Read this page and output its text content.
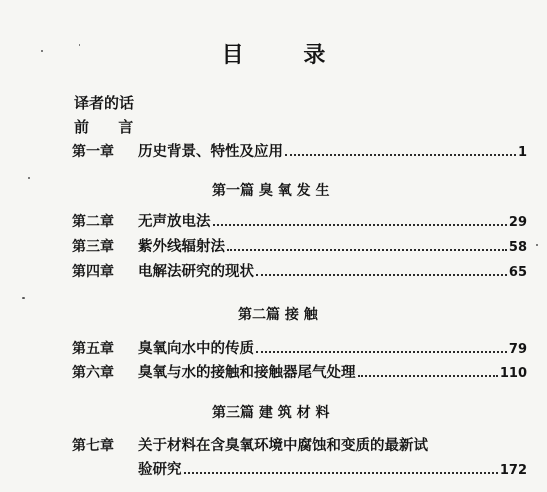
目 录
译者的话
前 言
第一章	历史背景、特性及应用	1
第一篇 臭 氧 发 生
第二章	无声放电法	29
第三章	紫外线辐射法	58
第四章	电解法研究的现状	65
第二篇 接 触
第五章	臭氧向水中的传质	79
第六章	臭氧与水的接触和接触器尾气处理	110
第三篇 建 筑 材 料
第七章	关于材料在含臭氧环境中腐蚀和变质的最新试
验研究	172
